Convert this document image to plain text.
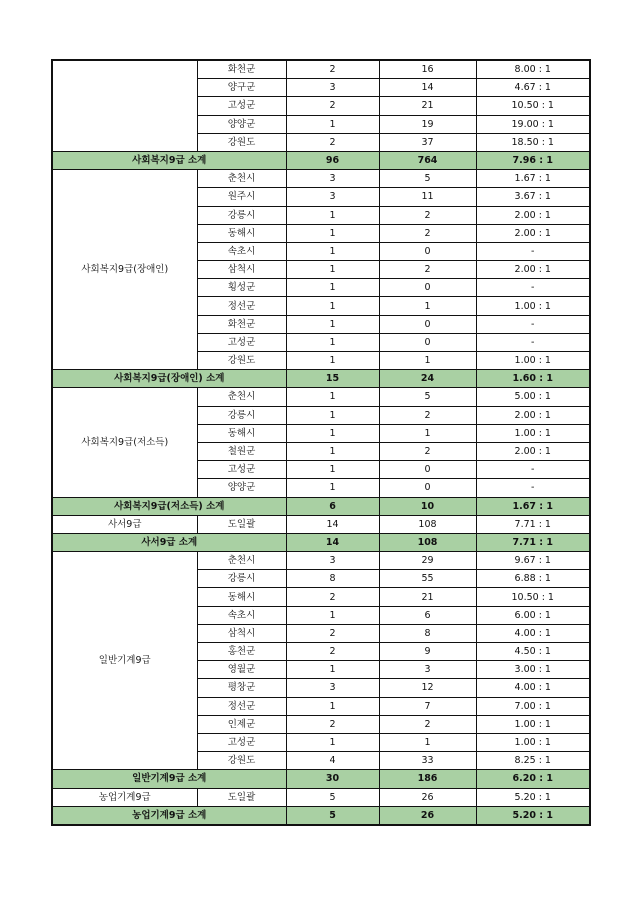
	화천군	2	16	8.00 : 1
	양구군	3	14	4.67 : 1
	고성군	2	21	10.50 : 1
	양양군	1	19	19.00 : 1
	강원도	2	37	18.50 : 1
사회복지9급 소계		96	764	7.96 : 1
사회복지9급(장애인)	춘천시	3	5	1.67 : 1
	원주시	3	11	3.67 : 1
	강릉시	1	2	2.00 : 1
	동해시	1	2	2.00 : 1
	속초시	1	0	-
	삼척시	1	2	2.00 : 1
	횡성군	1	0	-
	정선군	1	1	1.00 : 1
	화천군	1	0	-
	고성군	1	0	-
	강원도	1	1	1.00 : 1
사회복지9급(장애인) 소계		15	24	1.60 : 1
사회복지9급(저소득)	춘천시	1	5	5.00 : 1
	강릉시	1	2	2.00 : 1
	동해시	1	1	1.00 : 1
	철원군	1	2	2.00 : 1
	고성군	1	0	-
	양양군	1	0	-
사회복지9급(저소득) 소계		6	10	1.67 : 1
사서9급	도일괄	14	108	7.71 : 1
사서9급 소계		14	108	7.71 : 1
일반기계9급	춘천시	3	29	9.67 : 1
	강릉시	8	55	6.88 : 1
	동해시	2	21	10.50 : 1
	속초시	1	6	6.00 : 1
	삼척시	2	8	4.00 : 1
	홍천군	2	9	4.50 : 1
	영월군	1	3	3.00 : 1
	평창군	3	12	4.00 : 1
	정선군	1	7	7.00 : 1
	인제군	2	2	1.00 : 1
	고성군	1	1	1.00 : 1
	강원도	4	33	8.25 : 1
일반기계9급 소계		30	186	6.20 : 1
농업기계9급	도일괄	5	26	5.20 : 1
농업기계9급 소계		5	26	5.20 : 1
